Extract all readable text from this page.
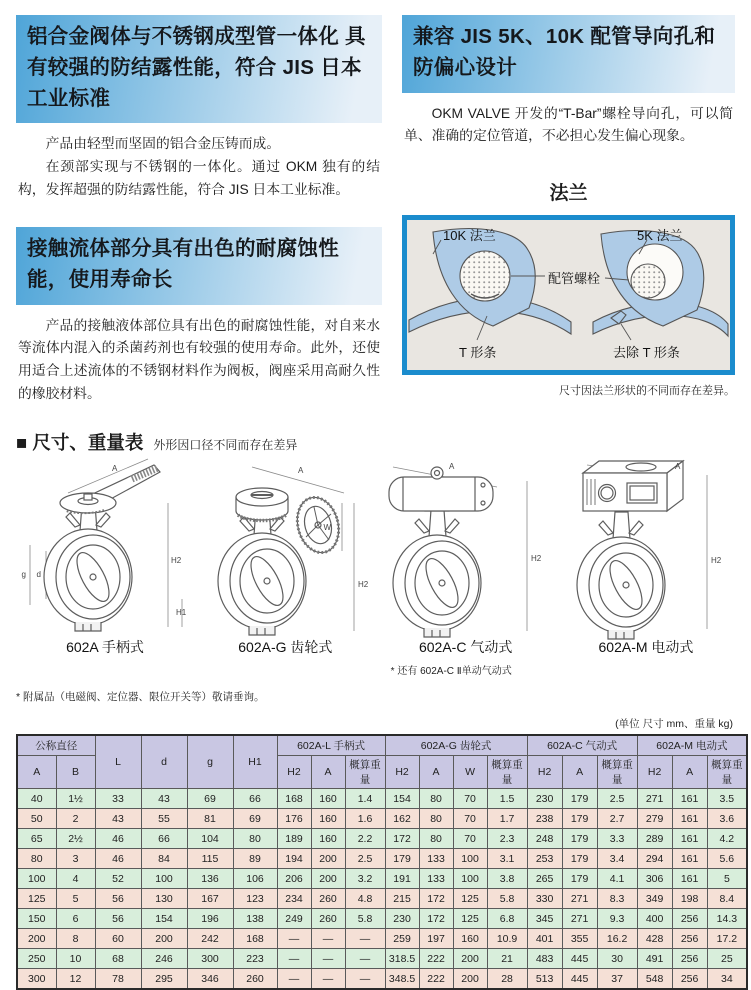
铝合金阀体与不锈钢成型管一体化 具有较强的防结露性能，符合 JIS 日本工业标准

产品由轻型而坚固的铝合金压铸而成。

在颈部实现与不锈钢的一体化。通过 OKM 独有的结构，发挥超强的防结露性能，符合 JIS 日本工业标准。

接触流体部分具有出色的耐腐蚀性能，使用寿命长

产品的接触液体部位具有出色的耐腐蚀性能，对自来水等流体内混入的杀菌药剂也有较强的使用寿命。此外，还使用适合上述流体的不锈钢材料作为阀板，阀座采用高耐久性的橡胶材料。

兼容 JIS 5K、10K 配管导向孔和防偏心设计

OKM VALVE 开发的“T-Bar”螺栓导向孔，可以简单、准确的定位管道，不必担心发生偏心现象。

法兰
10K 法兰	5K 法兰
配管螺栓
T 形条	去除 T 形条
尺寸因法兰形状的不同而存在差异。
■ 尺寸、重量表 外形因口径不同而存在差异
A
H2
H1
d
g
602A 手柄式
A
W
H2
602A-G 齿轮式
A
H2
602A-C 气动式
* 还有 602A-C Ⅱ单动气动式
A
H2
602A-M 电动式
* 附属品（电磁阀、定位器、限位开关等）敬请垂询。
(单位 尺寸 mm、重量 kg)
公称直径		L	d	g	H1	602A-L 手柄式			602A-G 齿轮式				602A-C 气动式			602A-M 电动式		
A	B					H2	A	概算重量	H2	A	W	概算重量	H2	A	概算重量	H2	A	概算重量
40	1½	33	43	69	66	168	160	1.4	154	80	70	1.5	230	179	2.5	271	161	3.5
50	2	43	55	81	69	176	160	1.6	162	80	70	1.7	238	179	2.7	279	161	3.6
65	2½	46	66	104	80	189	160	2.2	172	80	70	2.3	248	179	3.3	289	161	4.2
80	3	46	84	115	89	194	200	2.5	179	133	100	3.1	253	179	3.4	294	161	5.6
100	4	52	100	136	106	206	200	3.2	191	133	100	3.8	265	179	4.1	306	161	5
125	5	56	130	167	123	234	260	4.8	215	172	125	5.8	330	271	8.3	349	198	8.4
150	6	56	154	196	138	249	260	5.8	230	172	125	6.8	345	271	9.3	400	256	14.3
200	8	60	200	242	168	—	—	—	259	197	160	10.9	401	355	16.2	428	256	17.2
250	10	68	246	300	223	—	—	—	318.5	222	200	21	483	445	30	491	256	25
300	12	78	295	346	260	—	—	—	348.5	222	200	28	513	445	37	548	256	34
